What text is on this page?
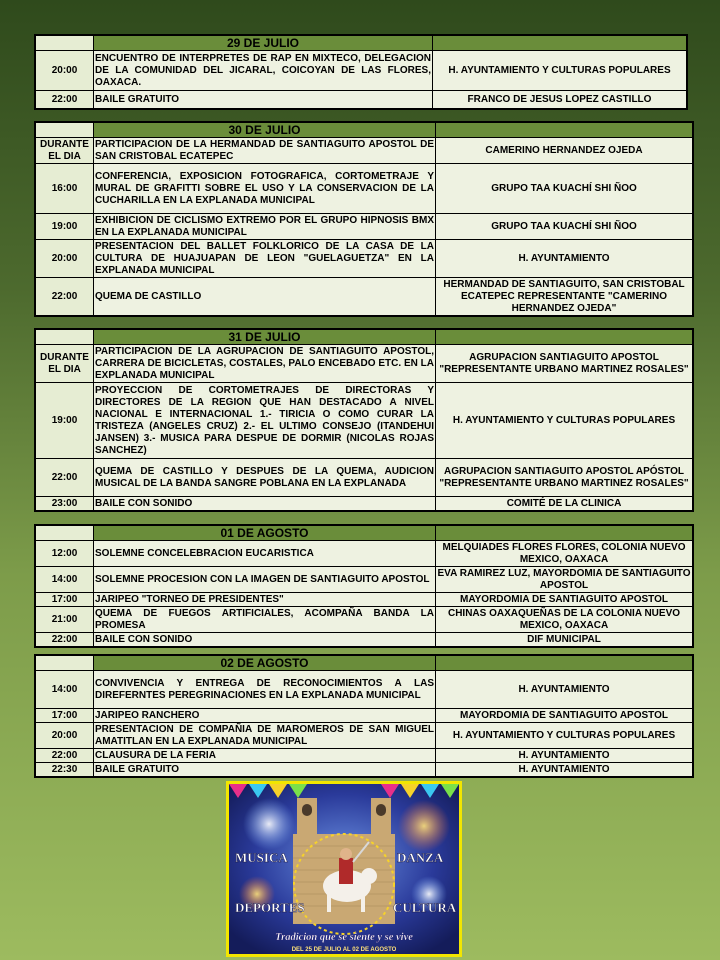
	29 DE JULIO	
20:00	ENCUENTRO DE INTERPRETES DE RAP EN MIXTECO, DELEGACION DE LA COMUNIDAD DEL JICARAL, COICOYAN DE LAS FLORES, OAXACA.	H. AYUNTAMIENTO Y CULTURAS POPULARES
22:00	BAILE GRATUITO	FRANCO DE JESUS LOPEZ CASTILLO
	30 DE JULIO	
DURANTE EL DIA	PARTICIPACION DE LA HERMANDAD DE SANTIAGUITO APOSTOL DE SAN CRISTOBAL ECATEPEC	CAMERINO HERNANDEZ OJEDA
16:00	CONFERENCIA, EXPOSICION FOTOGRAFICA, CORTOMETRAJE Y MURAL DE GRAFITTI SOBRE EL USO Y LA CONSERVACION DE LA CUCHARILLA EN LA EXPLANADA MUNICIPAL	GRUPO TAA KUACHÍ SHI ÑOO
19:00	EXHIBICION DE CICLISMO EXTREMO POR EL GRUPO HIPNOSIS BMX EN LA EXPLANADA MUNICIPAL	GRUPO TAA KUACHÍ SHI ÑOO
20:00	PRESENTACION DEL BALLET FOLKLORICO DE LA CASA DE LA CULTURA DE HUAJUAPAN DE LEON "GUELAGUETZA" EN LA EXPLANADA MUNICIPAL	H. AYUNTAMIENTO
22:00	QUEMA DE CASTILLO	HERMANDAD DE SANTIAGUITO, SAN CRISTOBAL ECATEPEC REPRESENTANTE "CAMERINO HERNANDEZ OJEDA"
	31 DE JULIO	
DURANTE EL DIA	PARTICIPACION DE LA AGRUPACION DE SANTIAGUITO APOSTOL, CARRERA DE BICICLETAS, COSTALES, PALO ENCEBADO ETC. EN LA EXPLANADA MUNICIPAL	AGRUPACION SANTIAGUITO APOSTOL "REPRESENTANTE URBANO MARTINEZ ROSALES"
19:00	PROYECCION DE CORTOMETRAJES DE DIRECTORAS Y DIRECTORES DE LA REGION QUE HAN DESTACADO A NIVEL NACIONAL E INTERNACIONAL 1.- TIRICIA O COMO CURAR LA TRISTEZA (ANGELES CRUZ) 2.- EL ULTIMO CONSEJO (ITANDEHUI JANSEN) 3.- MUSICA PARA DESPUE DE DORMIR (NICOLAS ROJAS SANCHEZ)	H. AYUNTAMIENTO Y CULTURAS POPULARES
22:00	QUEMA DE CASTILLO Y DESPUES DE LA QUEMA, AUDICION MUSICAL DE LA BANDA SANGRE POBLANA EN LA EXPLANADA	AGRUPACION SANTIAGUITO APOSTOL APÓSTOL "REPRESENTANTE URBANO MARTINEZ ROSALES"
23:00	BAILE CON SONIDO	COMITÉ DE LA CLINICA
	01 DE AGOSTO	
12:00	SOLEMNE CONCELEBRACION EUCARISTICA	MELQUIADES FLORES FLORES, COLONIA NUEVO MEXICO, OAXACA
14:00	SOLEMNE PROCESION CON LA IMAGEN DE SANTIAGUITO APOSTOL	EVA RAMIREZ LUZ, MAYORDOMIA DE SANTIAGUITO APOSTOL
17:00	JARIPEO "TORNEO DE PRESIDENTES"	MAYORDOMIA DE SANTIAGUITO APOSTOL
21:00	QUEMA DE FUEGOS ARTIFICIALES, ACOMPAÑA BANDA LA PROMESA	CHINAS OAXAQUEÑAS DE LA COLONIA NUEVO MEXICO, OAXACA
22:00	BAILE CON SONIDO	DIF MUNICIPAL
	02 DE AGOSTO	
14:00	CONVIVENCIA Y ENTREGA DE RECONOCIMIENTOS A LAS DIREFERNTES PEREGRINACIONES EN LA EXPLANADA MUNICIPAL	H. AYUNTAMIENTO
17:00	JARIPEO RANCHERO	MAYORDOMIA DE SANTIAGUITO APOSTOL
20:00	PRESENTACION DE COMPAÑIA DE MAROMEROS DE SAN MIGUEL AMATITLAN EN LA EXPLANADA MUNICIPAL	H. AYUNTAMIENTO Y CULTURAS POPULARES
22:00	CLAUSURA DE LA FERIA	H. AYUNTAMIENTO
22:30	BAILE GRATUITO	H. AYUNTAMIENTO
MUSICA	DANZA
DEPORTES	CULTURA
Tradicion que se siente y se vive
DEL 25 DE JULIO AL 02 DE AGOSTO
